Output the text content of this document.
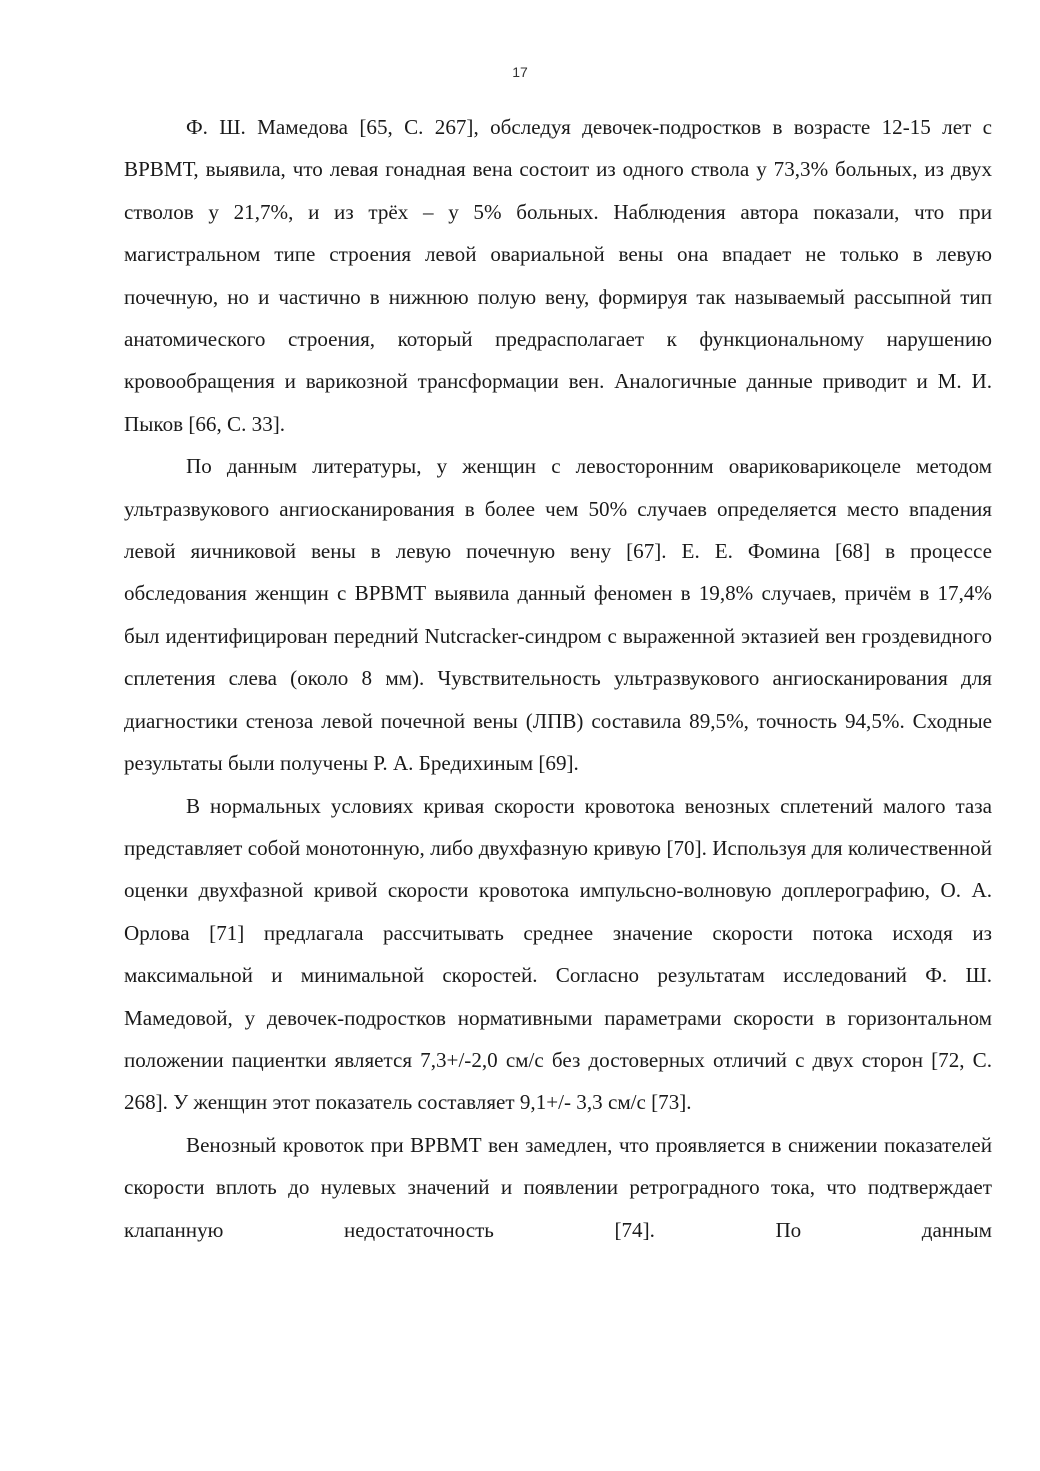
17

Ф. Ш. Мамедова [65, С. 267], обследуя девочек-подростков в возрасте 12-15 лет с ВРВМТ, выявила, что левая гонадная вена состоит из одного ствола у 73,3% больных, из двух стволов у 21,7%, и из трёх – у 5% больных. Наблюдения автора показали, что при магистральном типе строения левой овариальной вены она впадает не только в левую почечную, но и частично в нижнюю полую вену, формируя так называемый рассыпной тип анатомического строения, который предрасполагает к функциональному нарушению кровообращения и варикозной трансформации вен. Аналогичные данные приводит и М. И. Пыков [66, С. 33].

По данным литературы, у женщин с левосторонним овариковарикоцеле методом ультразвукового ангиосканирования в более чем 50% случаев определяется место впадения левой яичниковой вены в левую почечную вену [67]. Е. Е. Фомина [68] в процессе обследования женщин с ВРВМТ выявила данный феномен в 19,8% случаев, причём в 17,4% был идентифицирован передний Nutcracker-синдром с выраженной эктазией вен гроздевидного сплетения слева (около 8 мм). Чувствительность ультразвукового ангиосканирования для диагностики стеноза левой почечной вены (ЛПВ) составила 89,5%, точность 94,5%. Сходные результаты были получены Р. А. Бредихиным [69].

В нормальных условиях кривая скорости кровотока венозных сплетений малого таза представляет собой монотонную, либо двухфазную кривую [70]. Используя для количественной оценки двухфазной кривой скорости кровотока импульсно-волновую доплерографию, О. А. Орлова [71] предлагала рассчитывать среднее значение скорости потока исходя из максимальной и минимальной скоростей. Согласно результатам исследований Ф. Ш. Мамедовой, у девочек-подростков нормативными параметрами скорости в горизонтальном положении пациентки является 7,3+/-2,0 см/с без достоверных отличий с двух сторон [72, С. 268]. У женщин этот показатель составляет 9,1+/- 3,3 см/с [73].

Венозный кровоток при ВРВМТ вен замедлен, что проявляется в снижении показателей скорости вплоть до нулевых значений и появлении ретроградного тока, что подтверждает клапанную недостаточность [74]. По данным
